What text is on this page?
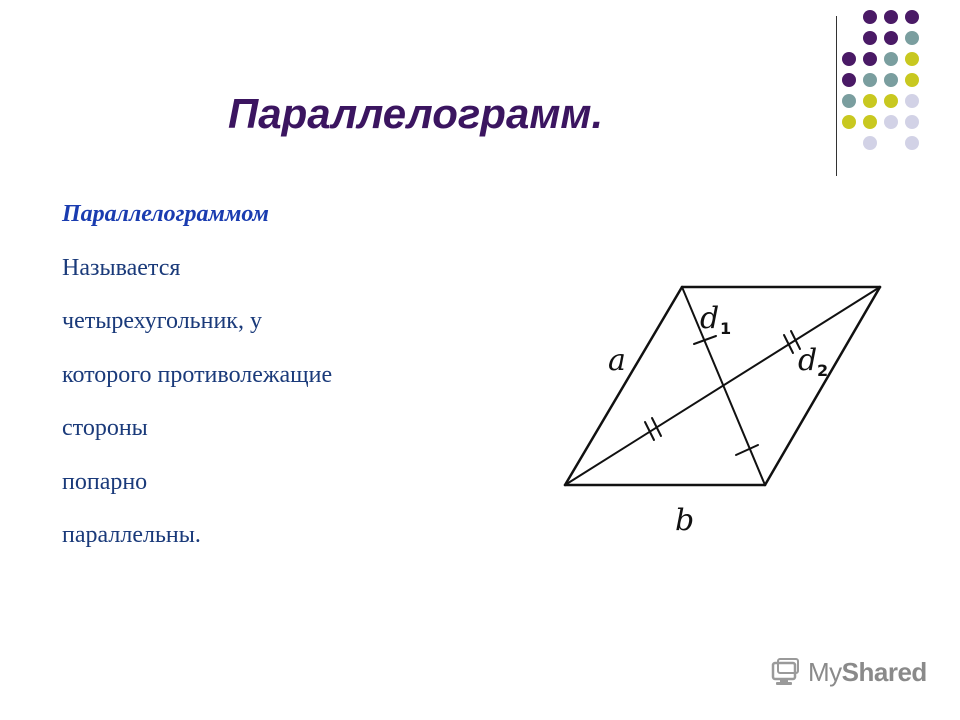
Параллелограмм.
Параллелограммом
Называется
четырехугольник, у
которого противолежащие
стороны
попарно
параллельны.
a
b
d 1
d 2
MyShared
